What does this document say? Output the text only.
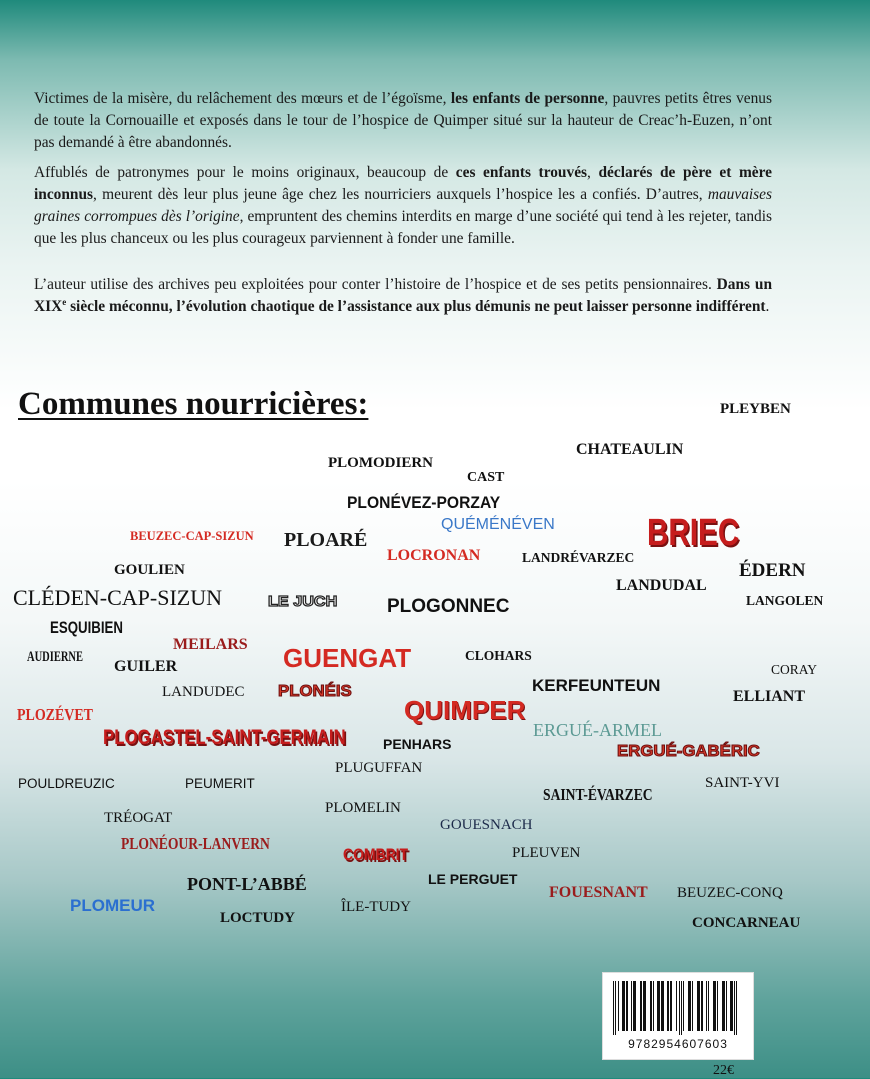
Victimes de la misère, du relâchement des mœurs et de l’égoïsme, les enfants de personne, pauvres petits êtres venus de toute la Cornouaille et exposés dans le tour de l’hospice de Quimper situé sur la hauteur de Creac’h-Euzen, n’ont pas demandé à être abandonnés.

Affublés de patronymes pour le moins originaux, beaucoup de ces enfants trouvés, déclarés de père et mère inconnus, meurent dès leur plus jeune âge chez les nourriciers auxquels l’hospice les a confiés. D’autres, mauvaises graines corrompues dès l’origine, empruntent des chemins interdits en marge d’une société qui tend à les rejeter, tandis que les plus chanceux ou les plus courageux parviennent à fonder une famille.

L’auteur utilise des archives peu exploitées pour conter l’histoire de l’hospice et de ses petits pensionnaires. Dans un XIXe siècle méconnu, l’évolution chaotique de l’assistance aux plus démunis ne peut laisser personne indifférent.

Communes nourricières:	PLEYBEN
CHATEAULIN
PLOMODIERN
CAST
PLONÉVEZ-PORZAY
QUÉMÉNÉVEN BRIEC
BEUZEC-CAP-SIZUN PLOARÉ
LOCRONAN	LANDRÉVARZEC
GOULIEN	ÉDERN
LANDUDAL
CLÉDEN-CAP-SIZUN	LE JUCH	PLOGONNEC	LANGOLEN
ESQUIBIEN
MEILARS
AUDIERNE
GUILER	GUENGAT	CLOHARS
CORAY
LANDUDEC PLONÉIS	KERFEUNTEUN
ELLIANT
PLOZÉVET	QUIMPER
ERGUÉ-ARMEL
PLOGASTEL-SAINT-GERMAIN	PENHARS	ERGUÉ-GABÉRIC
PLUGUFFAN
POULDREUZIC	PEUMERIT
SAINT-ÉVARZEC
SAINT-YVI
PLOMELIN
TRÉOGAT	GOUESNACH
PLONÉOUR-LANVERN
COMBRIT	PLEUVEN
PONT-L’ABBÉ	LE PERGUET
FOUESNANT BEUZEC-CONQ
PLOMEUR	ÎLE-TUDY
LOCTUDY	CONCARNEAU
9782954607603
22€
